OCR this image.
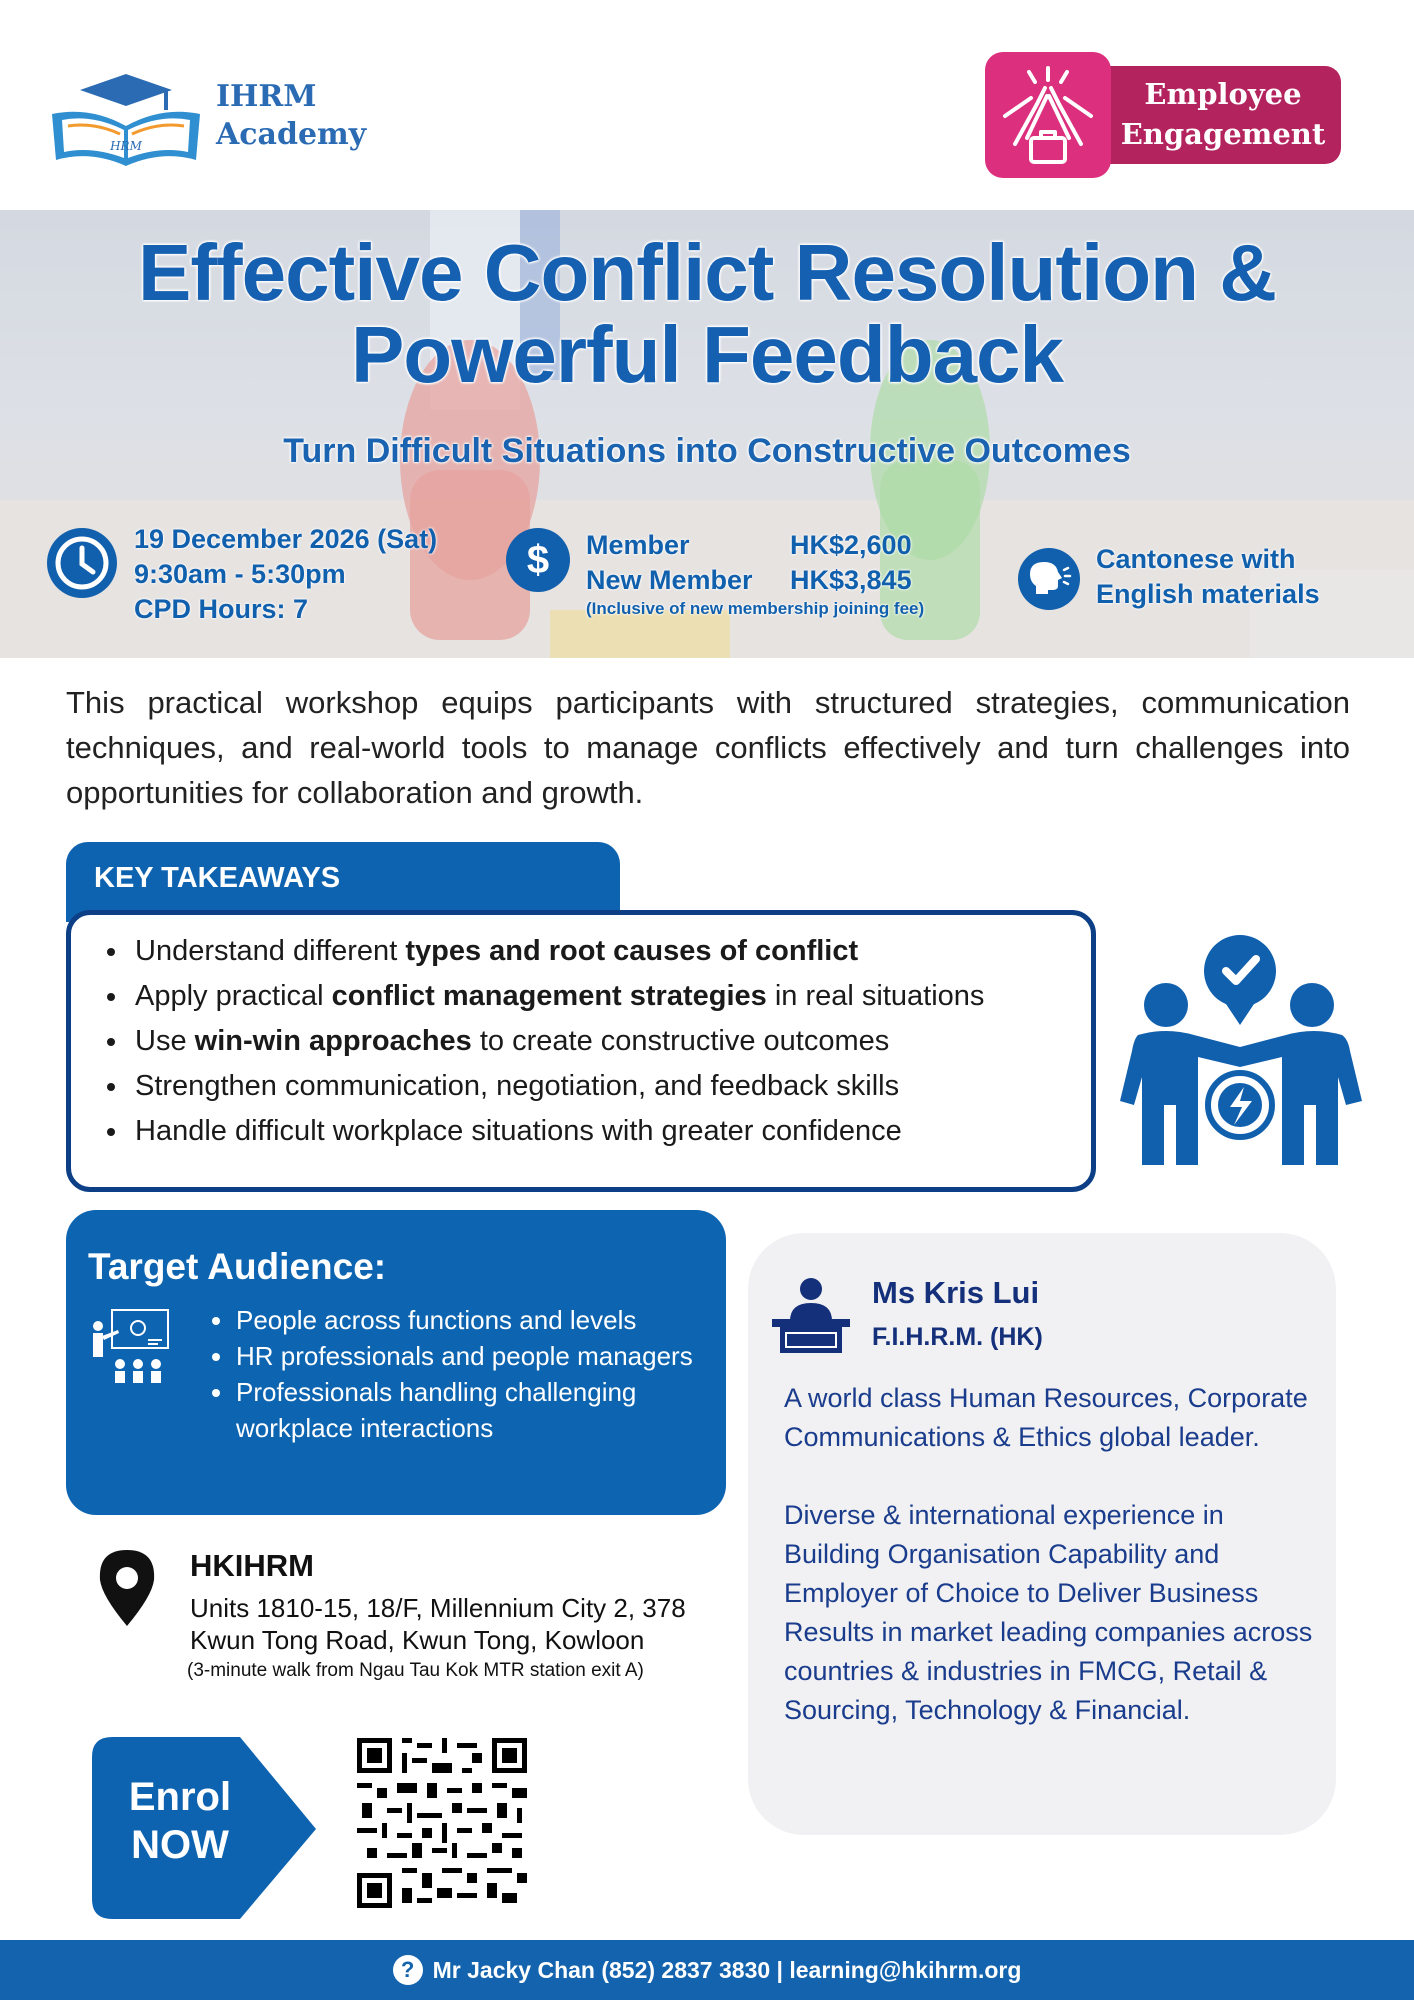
HRM
IHRM
Academy
Employee
Engagement
Effective Conflict Resolution &
Powerful Feedback
Turn Difficult Situations into Constructive Outcomes
19 December 2026 (Sat)
9:30am - 5:30pm
CPD Hours: 7
$ Member	HK$2,600
New Member	HK$3,845
(Inclusive of new membership joining fee)
Cantonese with
English materials
This practical workshop equips participants with structured strategies, communication techniques, and real-world tools to manage conflicts effectively and turn challenges into opportunities for collaboration and growth.
KEY TAKEAWAYS
Understand different types and root causes of conflict
Apply practical conflict management strategies in real situations
Use win-win approaches to create constructive outcomes
Strengthen communication, negotiation, and feedback skills
Handle difficult workplace situations with greater confidence
Target Audience:
People across functions and levels
HR professionals and people managers
Professionals handling challenging workplace interactions
HKIHRM
Units 1810-15, 18/F, Millennium City 2, 378 Kwun Tong Road, Kwun Tong, Kowloon
(3-minute walk from Ngau Tau Kok MTR station exit A)
Enrol
NOW
Ms Kris Lui
F.I.H.R.M. (HK)

A world class Human Resources, Corporate Communications & Ethics global leader.

Diverse & international experience in Building Organisation Capability and Employer of Choice to Deliver Business Results in market leading companies across countries & industries in FMCG, Retail & Sourcing, Technology & Financial.

? Mr Jacky Chan (852) 2837 3830 | learning@hkihrm.org
